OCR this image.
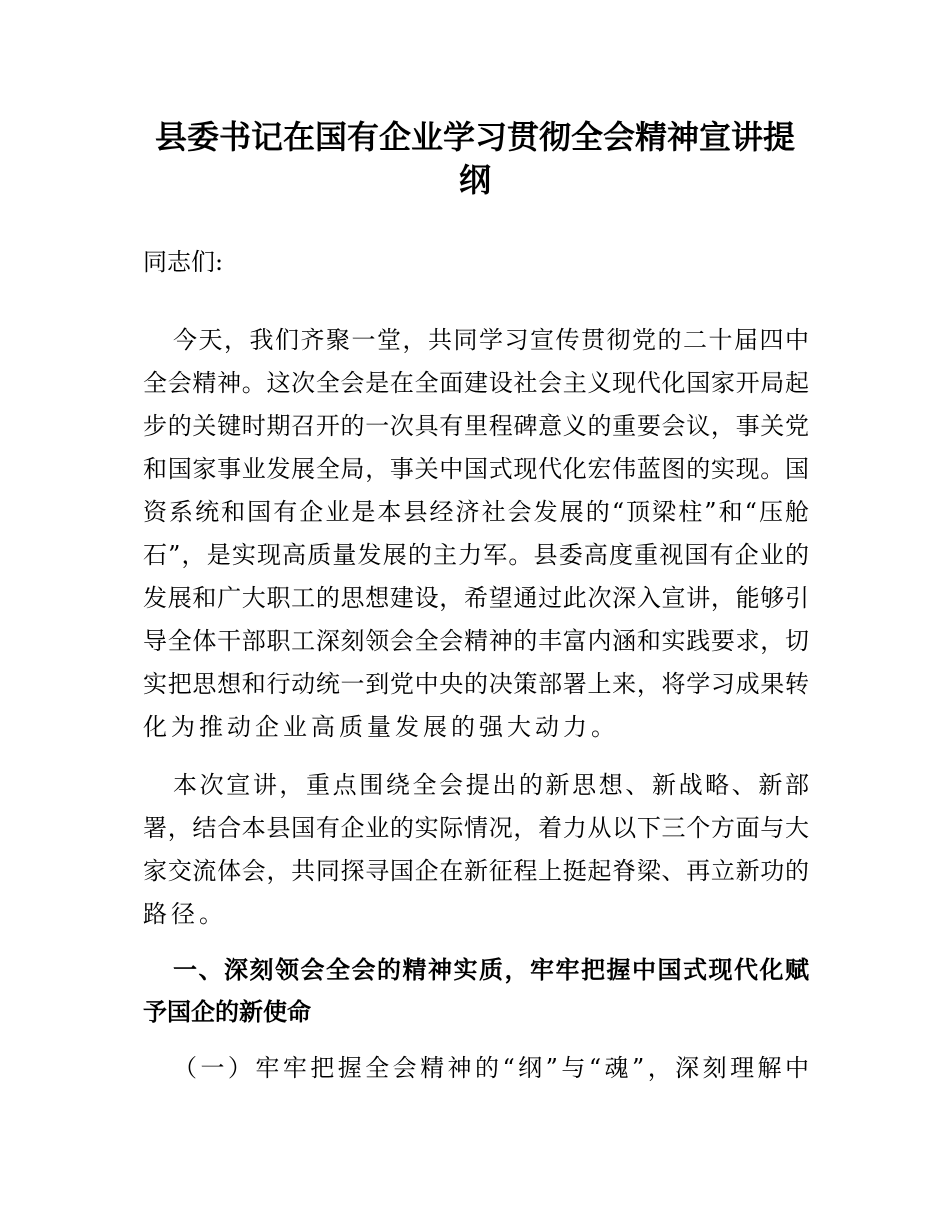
县委书记在国有企业学习贯彻全会精神宣讲提
纲
同志们:
今天，我们齐聚一堂，共同学习宣传贯彻党的二十届四中
全会精神。这次全会是在全面建设社会主义现代化国家开局起
步的关键时期召开的一次具有里程碑意义的重要会议，事关党
和国家事业发展全局，事关中国式现代化宏伟蓝图的实现。国
资系统和国有企业是本县经济社会发展的“顶梁柱”和“压舱
石”，是实现高质量发展的主力军。县委高度重视国有企业的
发展和广大职工的思想建设，希望通过此次深入宣讲，能够引
导全体干部职工深刻领会全会精神的丰富内涵和实践要求，切
实把思想和行动统一到党中央的决策部署上来，将学习成果转
化为推动企业高质量发展的强大动力。
本次宣讲，重点围绕全会提出的新思想、新战略、新部
署，结合本县国有企业的实际情况，着力从以下三个方面与大
家交流体会，共同探寻国企在新征程上挺起脊梁、再立新功的
路径。
一、深刻领会全会的精神实质，牢牢把握中国式现代化赋
予国企的新使命
（一）牢牢把握全会精神的“纲”与“魂”，深刻理解中
